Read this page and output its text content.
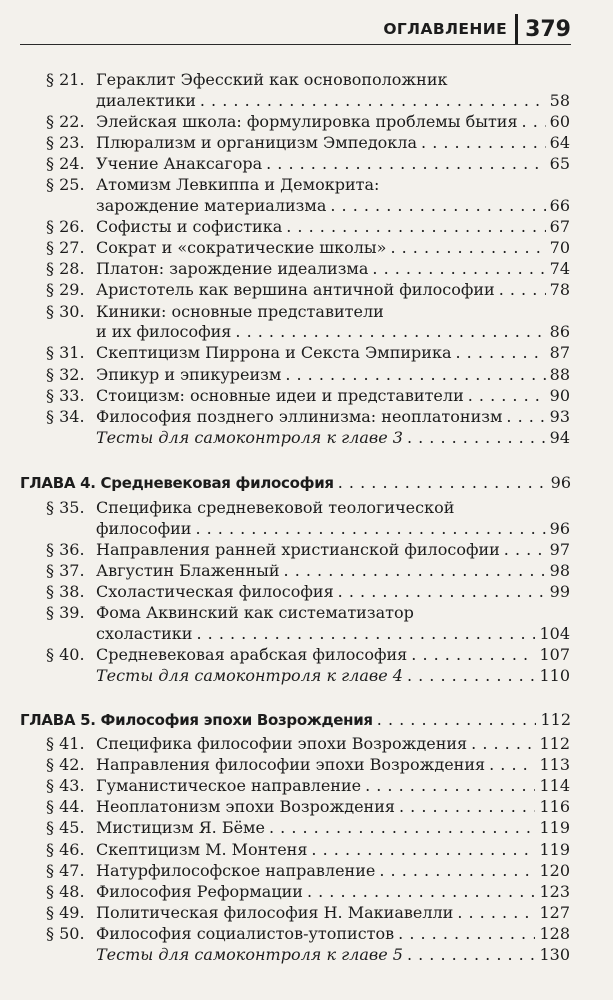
ОГЛАВЛЕНИЕ 379
§ 21. Гераклит Эфесский как основоположник
диалектики . . .	58
§ 22. Элейская школа: формулировка проблемы бытия . . . 60
§ 23. Плюрализм и органицизм Эмпедокла . . .	64
§ 24. Учение Анаксагора . . .	65
§ 25. Атомизм Левкиппа и Демокрита:
зарождение материализма . . .	66
§ 26. Софисты и софистика . . .	67
§ 27. Сократ и «сократические школы» . . .	70
§ 28. Платон: зарождение идеализма . . .	74
§ 29. Аристотель как вершина античной философии . . .	78
§ 30. Киники: основные представители
и их философия . . .	86
§ 31. Скептицизм Пиррона и Секста Эмпирика . . .	87
§ 32. Эпикур и эпикуреизм . . .	88
§ 33. Стоицизм: основные идеи и представители . . .	90
§ 34. Философия позднего эллинизма: неоплатонизм . . .	93
Тесты для самоконтроля к главе 3 . . .	94
ГЛАВА 4. Средневековая философия . . .	96
§ 35. Специфика средневековой теологической
философии . . .	96
§ 36. Направления ранней христианской философии . . .	97
§ 37. Августин Блаженный . . .	98
§ 38. Схоластическая философия . . .	99
§ 39. Фома Аквинский как систематизатор
схоластики . . .	104
§ 40. Средневековая арабская философия . . .	107
Тесты для самоконтроля к главе 4 . . .	110
ГЛАВА 5. Философия эпохи Возрождения . . .	112
§ 41. Специфика философии эпохи Возрождения . . .	112
§ 42. Направления философии эпохи Возрождения . . .	113
§ 43. Гуманистическое направление . . .	114
§ 44. Неоплатонизм эпохи Возрождения . . .	116
§ 45. Мистицизм Я. Бёме . . .	119
§ 46. Скептицизм М. Монтеня . . .	119
§ 47. Натурфилософское направление . . .	120
§ 48. Философия Реформации . . .	123
§ 49. Политическая философия Н. Макиавелли . . .	127
§ 50. Философия социалистов-утопистов . . .	128
Тесты для самоконтроля к главе 5 . . .	130
